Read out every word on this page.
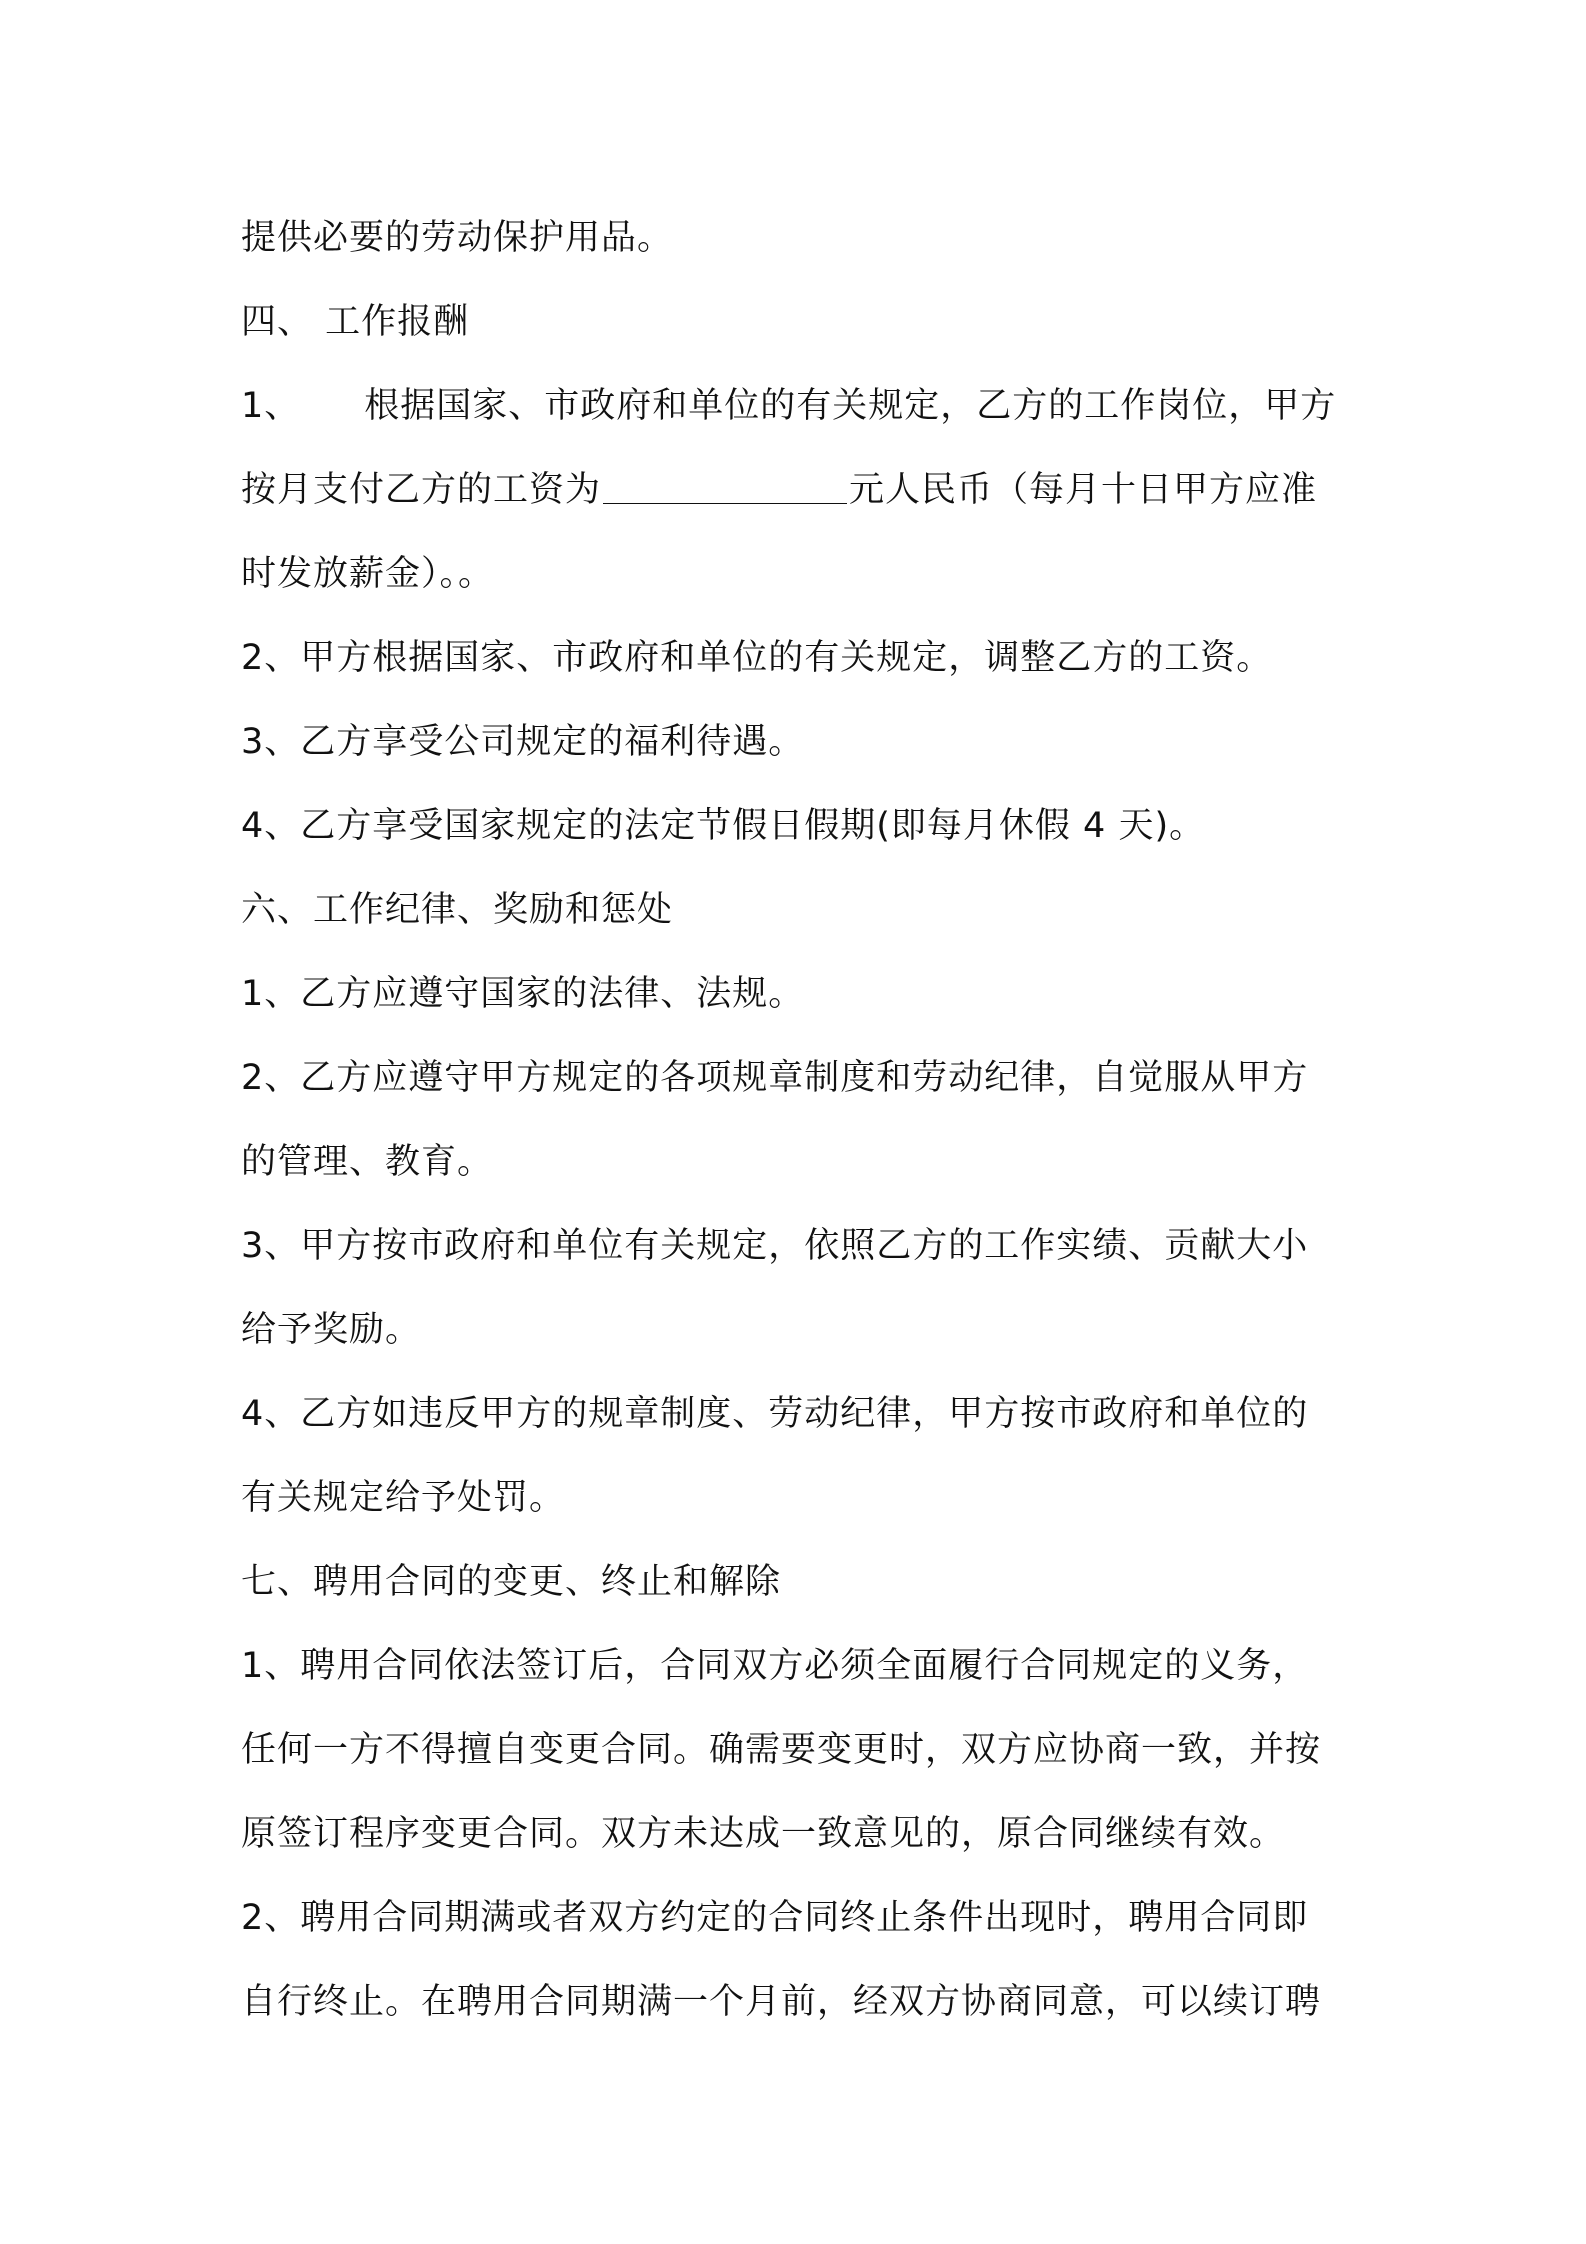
提供必要的劳动保护用品。
四、 工作报酬
1、 根据国家、市政府和单位的有关规定，乙方的工作岗位，甲方
按月支付乙方的工资为	元人民币（每月十日甲方应准
时发放薪金）。。
2、甲方根据国家、市政府和单位的有关规定，调整乙方的工资。
3、乙方享受公司规定的福利待遇。
4、乙方享受国家规定的法定节假日假期(即每月休假 4 天)。
六、工作纪律、奖励和惩处
1、乙方应遵守国家的法律、法规。
2、乙方应遵守甲方规定的各项规章制度和劳动纪律，自觉服从甲方
的管理、教育。
3、甲方按市政府和单位有关规定，依照乙方的工作实绩、贡献大小
给予奖励。
4、乙方如违反甲方的规章制度、劳动纪律，甲方按市政府和单位的
有关规定给予处罚。
七、聘用合同的变更、终止和解除
1、聘用合同依法签订后，合同双方必须全面履行合同规定的义务，
任何一方不得擅自变更合同。确需要变更时，双方应协商一致，并按
原签订程序变更合同。双方未达成一致意见的，原合同继续有效。
2、聘用合同期满或者双方约定的合同终止条件出现时，聘用合同即
自行终止。在聘用合同期满一个月前，经双方协商同意，可以续订聘
